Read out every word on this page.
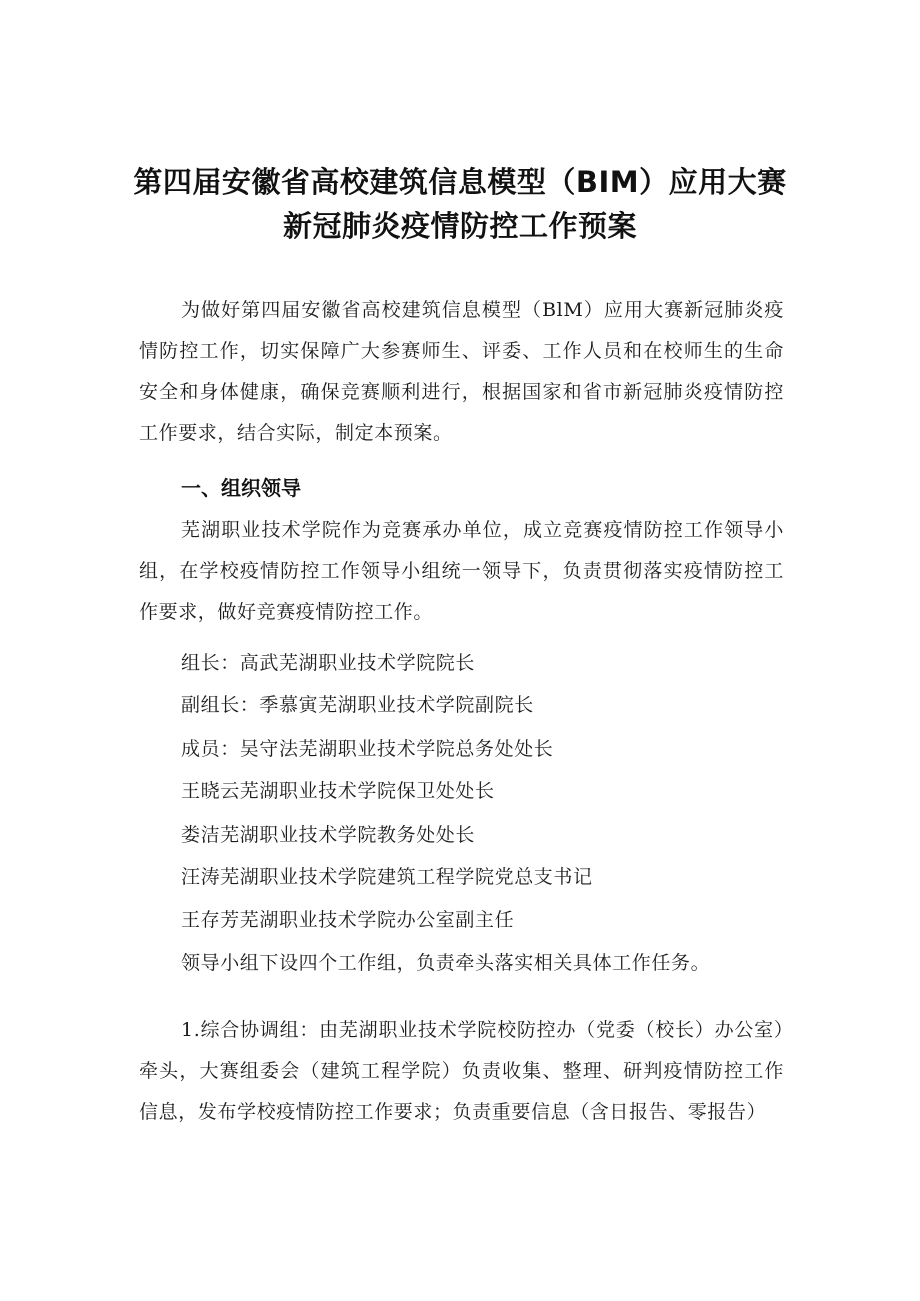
第四届安徽省高校建筑信息模型（BIM）应用大赛
新冠肺炎疫情防控工作预案
为做好第四届安徽省高校建筑信息模型（BlM）应用大赛新冠肺炎疫情防控工作，切实保障广大参赛师生、评委、工作人员和在校师生的生命安全和身体健康，确保竞赛顺利进行，根据国家和省市新冠肺炎疫情防控工作要求，结合实际，制定本预案。
一、组织领导
芜湖职业技术学院作为竞赛承办单位，成立竞赛疫情防控工作领导小组，在学校疫情防控工作领导小组统一领导下，负责贯彻落实疫情防控工作要求，做好竞赛疫情防控工作。
组长：高武芜湖职业技术学院院长
副组长：季慕寅芜湖职业技术学院副院长
成员：吴守法芜湖职业技术学院总务处处长
王晓云芜湖职业技术学院保卫处处长
娄洁芜湖职业技术学院教务处处长
汪涛芜湖职业技术学院建筑工程学院党总支书记
王存芳芜湖职业技术学院办公室副主任
领导小组下设四个工作组，负责牵头落实相关具体工作任务。
1.综合协调组：由芜湖职业技术学院校防控办（党委（校长）办公室）牵头，大赛组委会（建筑工程学院）负责收集、整理、研判疫情防控工作信息，发布学校疫情防控工作要求；负责重要信息（含日报告、零报告）
